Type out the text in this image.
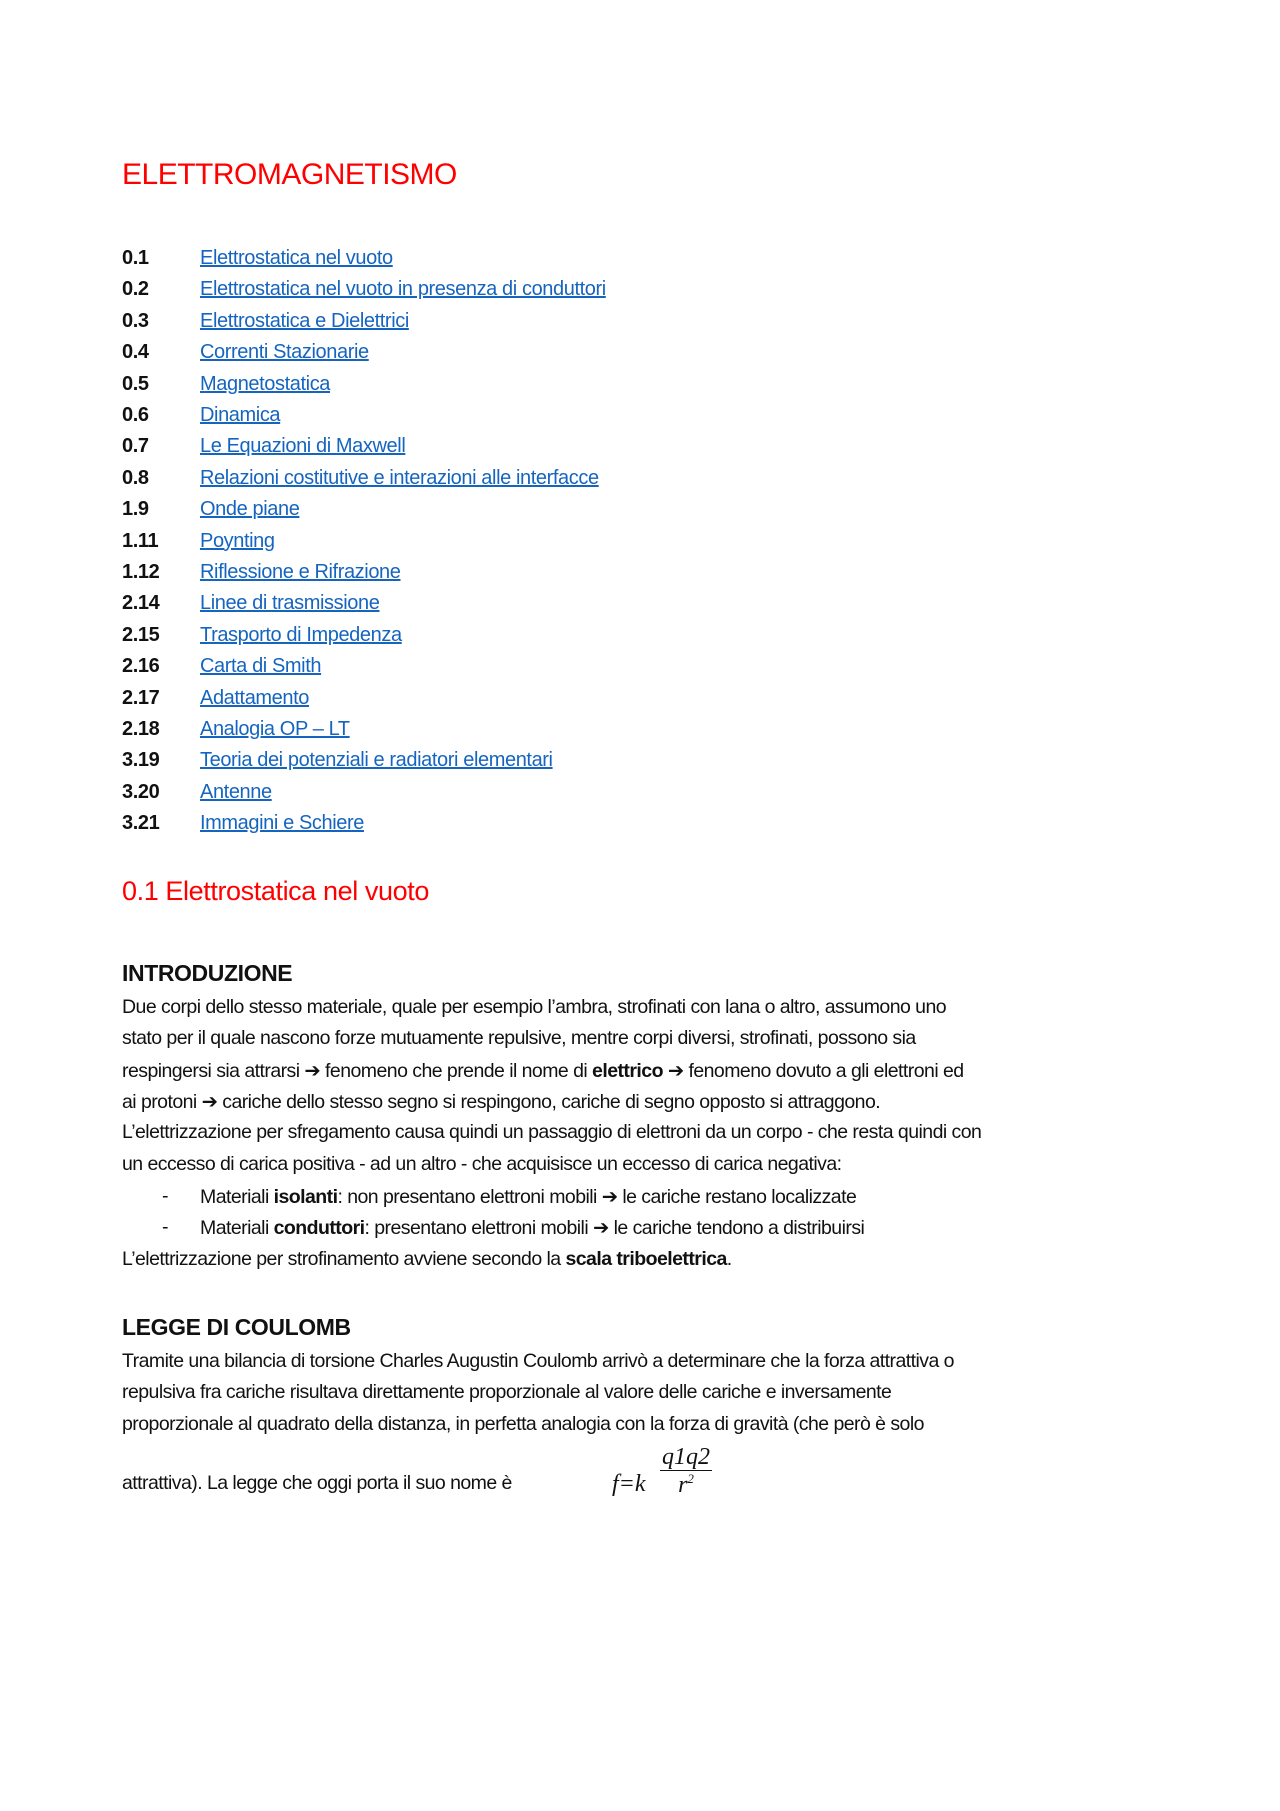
ELETTROMAGNETISMO
0.1	Elettrostatica nel vuoto
0.2	Elettrostatica nel vuoto in presenza di conduttori
0.3	Elettrostatica e Dielettrici
0.4	Correnti Stazionarie
0.5	Magnetostatica
0.6	Dinamica
0.7	Le Equazioni di Maxwell
0.8	Relazioni costitutive e interazioni alle interfacce
1.9	Onde piane
1.11 Poynting
1.12 Riflessione e Rifrazione
2.14 Linee di trasmissione
2.15 Trasporto di Impedenza
2.16 Carta di Smith
2.17 Adattamento
2.18 Analogia OP – LT
3.19 Teoria dei potenziali e radiatori elementari
3.20 Antenne
3.21 Immagini e Schiere
0.1 Elettrostatica nel vuoto
INTRODUZIONE
Due corpi dello stesso materiale, quale per esempio l’ambra, strofinati con lana o altro, assumono uno
stato per il quale nascono forze mutuamente repulsive, mentre corpi diversi, strofinati, possono sia
respingersi sia attrarsi ➔ fenomeno che prende il nome di elettrico ➔ fenomeno dovuto a gli elettroni ed
ai protoni ➔ cariche dello stesso segno si respingono, cariche di segno opposto si attraggono.
L’elettrizzazione per sfregamento causa quindi un passaggio di elettroni da un corpo - che resta quindi con
un eccesso di carica positiva - ad un altro - che acquisisce un eccesso di carica negativa:
- Materiali isolanti: non presentano elettroni mobili ➔ le cariche restano localizzate
- Materiali conduttori: presentano elettroni mobili ➔ le cariche tendono a distribuirsi
L’elettrizzazione per strofinamento avviene secondo la scala triboelettrica.
LEGGE DI COULOMB
Tramite una bilancia di torsione Charles Augustin Coulomb arrivò a determinare che la forza attrattiva o
repulsiva fra cariche risultava direttamente proporzionale al valore delle cariche e inversamente
proporzionale al quadrato della distanza, in perfetta analogia con la forza di gravità (che però è solo
attrattiva). La legge che oggi porta il suo nome è	$f=k \frac{q1q2}{r^2}$
